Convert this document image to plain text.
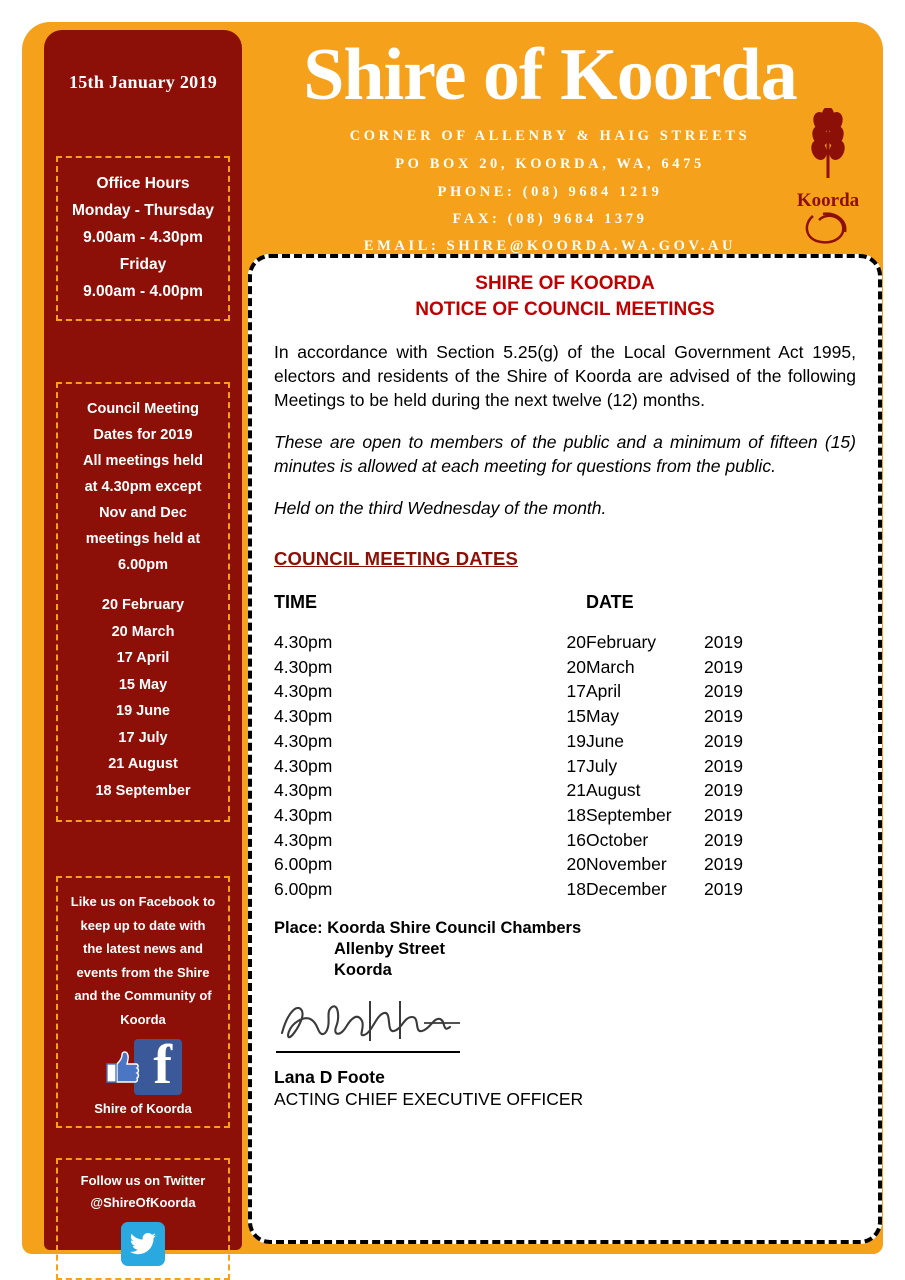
15th January 2019
Office Hours
Monday - Thursday
9.00am - 4.30pm
Friday
9.00am - 4.00pm
Council Meeting
Dates for 2019
All meetings held
at 4.30pm except
Nov and Dec
meetings held at
6.00pm
20 February
20 March
17 April
15 May
19 June
17 July
21 August
18 September
Like us on Facebook to
keep up to date with
the latest news and
events from the Shire
and the Community of
Koorda
f
Shire of Koorda
Follow us on Twitter
@ShireOfKoorda
Shire of Koorda
CORNER OF ALLENBY & HAIG STREETS
PO BOX 20, KOORDA, WA, 6475
PHONE: (08) 9684 1219
FAX: (08) 9684 1379
EMAIL: SHIRE@KOORDA.WA.GOV.AU
Koorda
SHIRE OF KOORDA
NOTICE OF COUNCIL MEETINGS
In accordance with Section 5.25(g) of the Local Government Act 1995, electors and residents of the Shire of Koorda are advised of the following Meetings to be held during the next twelve (12) months.
These are open to members of the public and a minimum of fifteen (15) minutes is allowed at each meeting for questions from the public.
Held on the third Wednesday of the month.
COUNCIL MEETING DATES
TIME	DATE
4.30pm	20	February	2019
4.30pm	20	March	2019
4.30pm	17	April	2019
4.30pm	15	May	2019
4.30pm	19	June	2019
4.30pm	17	July	2019
4.30pm	21	August	2019
4.30pm	18	September	2019
4.30pm	16	October	2019
6.00pm	20	November	2019
6.00pm	18	December	2019
Place: Koorda Shire Council Chambers
Allenby Street
Koorda
Lana D Foote
ACTING CHIEF EXECUTIVE OFFICER
